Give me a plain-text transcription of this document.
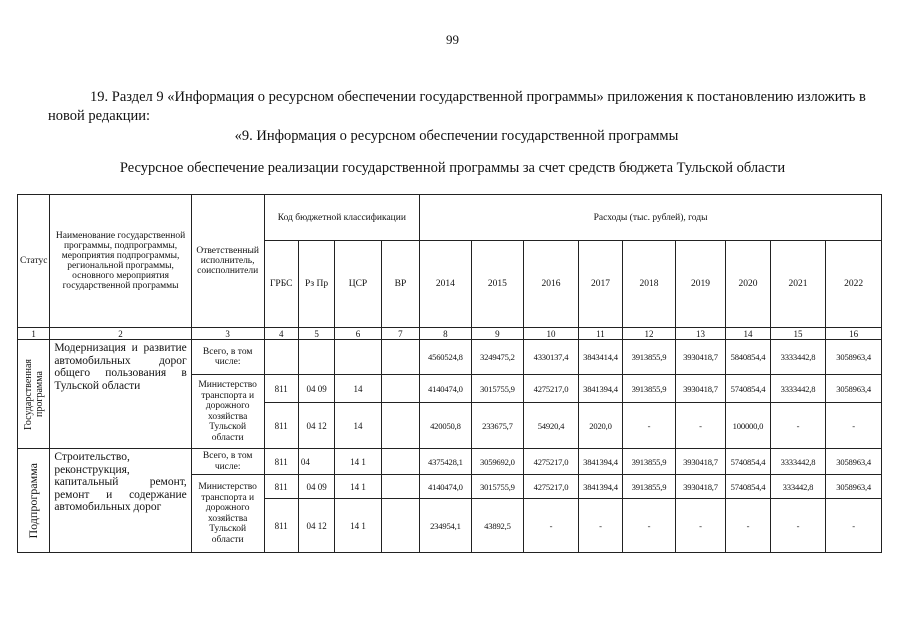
99
19. Раздел 9 «Информация о ресурсном обеспечении государственной программы» приложения к постановлению изложить в новой редакции:
«9. Информация о ресурсном обеспечении государственной программы
Ресурсное обеспечение реализации государственной программы за счет средств бюджета Тульской области
Статус	Наименование государственной программы, подпрограммы, мероприятия подпрограммы, региональной программы, основного мероприятия государственной программы	Ответственный исполнитель, соисполнители	Код бюджетной классификации				Расходы (тыс. рублей), годы								
			ГРБС	Рз Пр	ЦСР	ВР	2014	2015	2016	2017	2018	2019	2020	2021	2022
1	2	3	4	5	6	7	8	9	10	11	12	13	14	15	16

Государственная программа	Модернизация и развитие автомобильных дорог общего пользования в Тульской области	Всего, в том числе:					4560524,8	3249475,2	4330137,4	3843414,4	3913855,9	3930418,7	5840854,4	3333442,8	3058963,4
		Министерство транспорта и дорожного хозяйства Тульской области	811	04 09	14		4140474,0	3015755,9	4275217,0	3841394,4	3913855,9	3930418,7	5740854,4	3333442,8	3058963,4
			811	04 12	14		420050,8	233675,7	54920,4	2020,0	-	-	100000,0	-	-

Подпрограмма	Строительство, реконструкция, капитальный ремонт, ремонт и содержание автомобильных дорог	Всего, в том числе:	811	04	14 1		4375428,1	3059692,0	4275217,0	3841394,4	3913855,9	3930418,7	5740854,4	3333442,8	3058963,4
		Министерство транспорта и дорожного хозяйства Тульской области	811	04 09	14 1		4140474,0	3015755,9	4275217,0	3841394,4	3913855,9	3930418,7	5740854,4	333442,8	3058963,4
			811	04 12	14 1		234954,1	43892,5	-	-	-	-	-	-	-
